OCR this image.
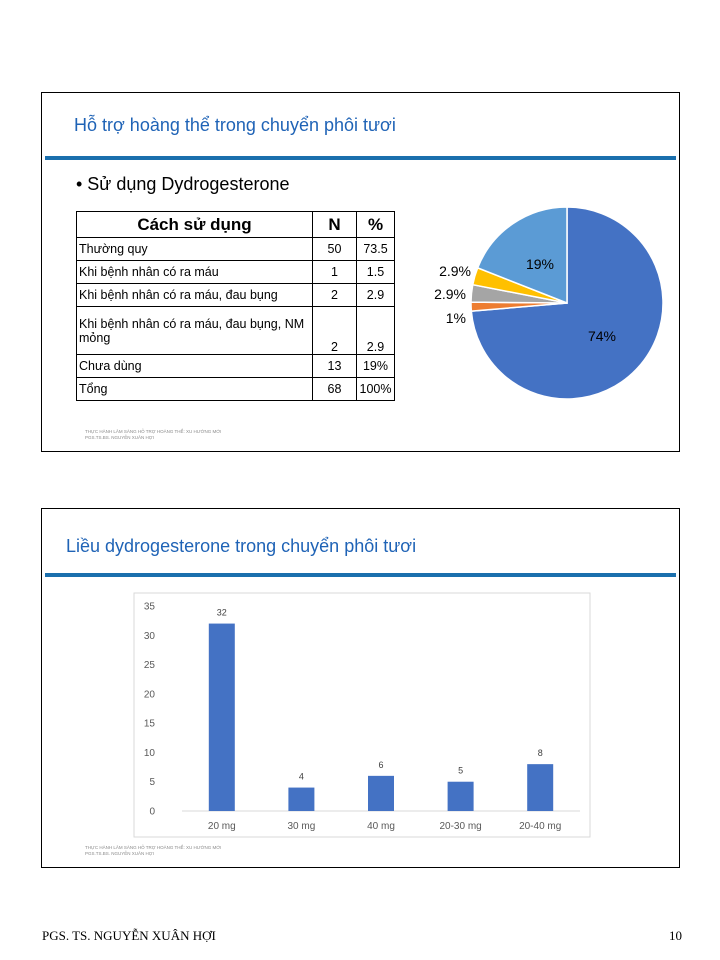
Hỗ trợ hoàng thể trong chuyển phôi tươi
• Sử dụng Dydrogesterone
Cách sử dụng	N	%
Thường quy	50	73.5
Khi bệnh nhân có ra máu	1	1.5
Khi bệnh nhân có ra máu, đau bụng	2	2.9
Khi bệnh nhân có ra máu, đau bụng, NM mỏng	2	2.9
Chưa dùng	13	19%
Tổng	68	100%
74%
1%
2.9%
2.9%	19%
THỰC HÀNH LÂM SÀNG HỖ TRỢ HOÀNG THỂ: XU HƯỚNG MỚI
PGS.TS.BS. NGUYỄN XUÂN HỢI
Liều dydrogesterone trong chuyển phôi tươi
0
5
10
15
20
25
30
35
32
20 mg
4
30 mg
6
40 mg
5
20-30 mg
8
20-40 mg
THỰC HÀNH LÂM SÀNG HỖ TRỢ HOÀNG THỂ: XU HƯỚNG MỚI
PGS.TS.BS. NGUYỄN XUÂN HỢI
PGS. TS. NGUYỄN XUÂN HỢI	10
